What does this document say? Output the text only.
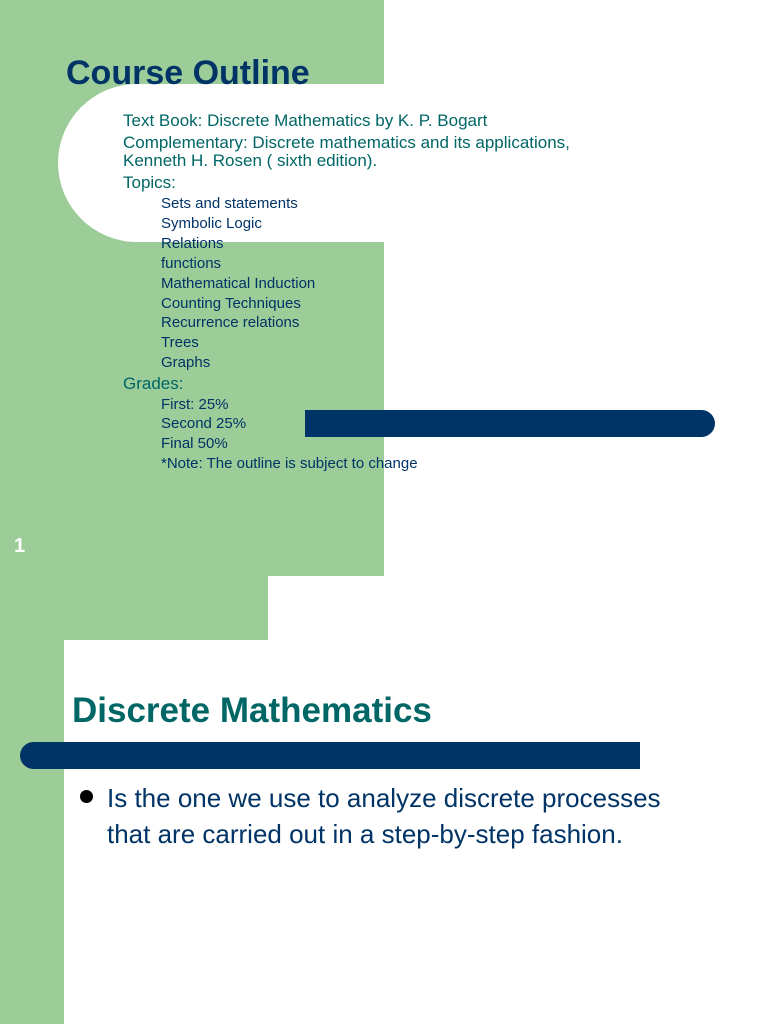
Course Outline
Text Book: Discrete Mathematics by K. P. Bogart
Complementary: Discrete mathematics and its applications,
Kenneth H. Rosen ( sixth edition).
Topics:
Sets and statements
Symbolic Logic
Relations
functions
Mathematical Induction
Counting Techniques
Recurrence relations
Trees
Graphs
Grades:
First: 25%
Second 25%
Final 50%
*Note: The outline is subject to change
1
Discrete Mathematics
Is the one we use to analyze discrete processes that are carried out in a step-by-step fashion.
